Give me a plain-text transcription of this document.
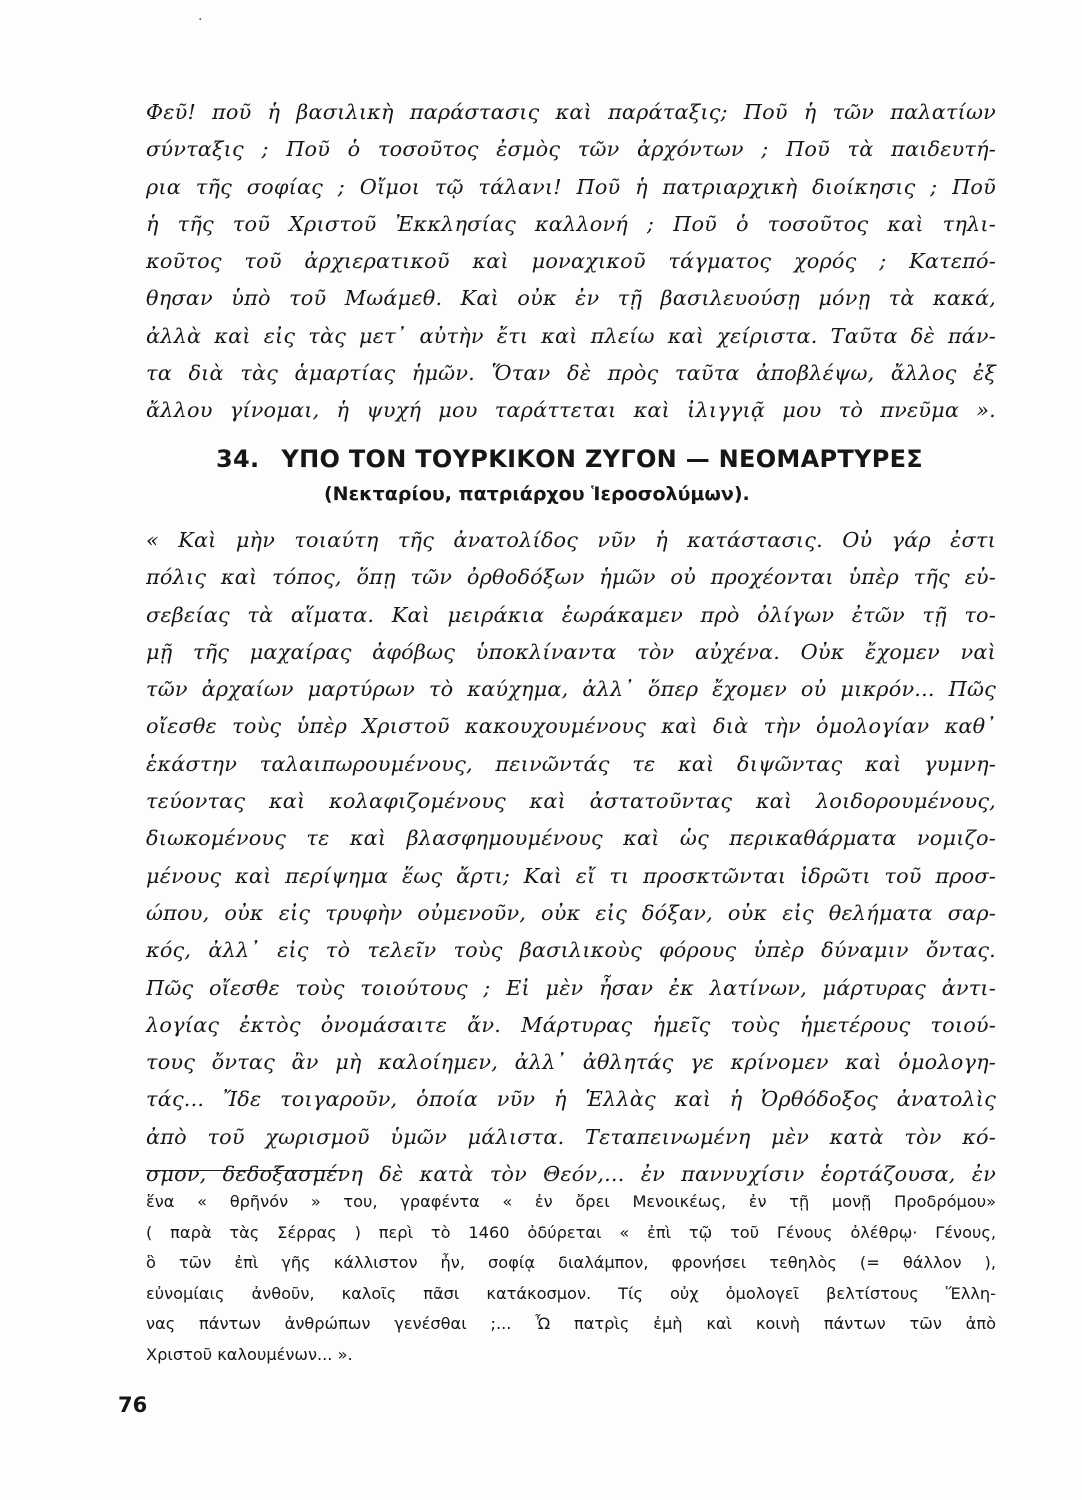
.
Φεῦ! ποῦ ἡ βασιλικὴ παράστασις καὶ παράταξις; Ποῦ ἡ τῶν παλατίων
σύνταξις ; Ποῦ ὁ τοσοῦτος ἐσμὸς τῶν ἀρχόντων ; Ποῦ τὰ παιδευτή-
ρια τῆς σοφίας ; Οἴμοι τῷ τάλανι! Ποῦ ἡ πατριαρχικὴ διοίκησις ; Ποῦ
ἡ τῆς τοῦ Χριστοῦ Ἐκκλησίας καλλονή ; Ποῦ ὁ τοσοῦτος καὶ τηλι-
κοῦτος τοῦ ἀρχιερατικοῦ καὶ μοναχικοῦ τάγματος χορός ; Κατεπό-
θησαν ὑπὸ τοῦ Μωάμεθ. Καὶ οὐκ ἐν τῇ βασιλευούσῃ μόνῃ τὰ κακά,
ἀλλὰ καὶ εἰς τὰς μετ᾿ αὐτὴν ἔτι καὶ πλείω καὶ χείριστα. Ταῦτα δὲ πάν-
τα διὰ τὰς ἁμαρτίας ἡμῶν. Ὅταν δὲ πρὸς ταῦτα ἀποβλέψω, ἄλλος ἐξ
ἄλλου γίνομαι, ἡ ψυχή μου ταράττεται καὶ ἰλιγγιᾷ μου τὸ πνεῦμα ».
34. ΥΠΟ ΤΟΝ ΤΟΥΡΚΙΚΟΝ ΖΥΓΟΝ — ΝΕΟΜΑΡΤΥΡΕΣ
(Νεκταρίου, πατριάρχου Ἱεροσολύμων).
« Καὶ μὴν τοιαύτη τῆς ἀνατολίδος νῦν ἡ κατάστασις. Οὐ γάρ ἐστι
πόλις καὶ τόπος, ὅπῃ τῶν ὀρθοδόξων ἡμῶν οὐ προχέονται ὑπὲρ τῆς εὐ-
σεβείας τὰ αἵματα. Καὶ μειράκια ἑωράκαμεν πρὸ ὀλίγων ἐτῶν τῇ το-
μῇ τῆς μαχαίρας ἀφόβως ὑποκλίναντα τὸν αὐχένα. Οὐκ ἔχομεν ναὶ
τῶν ἀρχαίων μαρτύρων τὸ καύχημα, ἀλλ᾿ ὅπερ ἔχομεν οὐ μικρόν... Πῶς
οἴεσθε τοὺς ὑπὲρ Χριστοῦ κακουχουμένους καὶ διὰ τὴν ὁμολογίαν καθ᾿
ἑκάστην ταλαιπωρουμένους, πεινῶντάς τε καὶ διψῶντας καὶ γυμνη-
τεύοντας καὶ κολαφιζομένους καὶ ἀστατοῦντας καὶ λοιδορουμένους,
διωκομένους τε καὶ βλασφημουμένους καὶ ὡς περικαθάρματα νομιζο-
μένους καὶ περίψημα ἕως ἄρτι; Καὶ εἴ τι προσκτῶνται ἱδρῶτι τοῦ προσ-
ώπου, οὐκ εἰς τρυφὴν οὐμενοῦν, οὐκ εἰς δόξαν, οὐκ εἰς θελήματα σαρ-
κός, ἀλλ᾿ εἰς τὸ τελεῖν τοὺς βασιλικοὺς φόρους ὑπὲρ δύναμιν ὄντας.
Πῶς οἴεσθε τοὺς τοιούτους ; Εἰ μὲν ἦσαν ἐκ λατίνων, μάρτυρας ἀντι-
λογίας ἐκτὸς ὀνομάσαιτε ἄν. Μάρτυρας ἡμεῖς τοὺς ἡμετέρους τοιού-
τους ὄντας ἂν μὴ καλοίημεν, ἀλλ᾿ ἀθλητάς γε κρίνομεν καὶ ὁμολογη-
τάς... Ἴδε τοιγαροῦν, ὁποία νῦν ἡ Ἑλλὰς καὶ ἡ Ὀρθόδοξος ἀνατολὶς
ἀπὸ τοῦ χωρισμοῦ ὑμῶν μάλιστα. Τεταπεινωμένη μὲν κατὰ τὸν κό-
σμον, δεδοξασμένη δὲ κατὰ τὸν Θεόν,... ἐν παννυχίσιν ἑορτάζουσα, ἐν
ἕνα « θρῆνόν » του, γραφέντα « ἐν ὄρει Μενοικέως, ἐν τῇ μονῇ Προδρόμου»
( παρὰ τὰς Σέρρας ) περὶ τὸ 1460 ὀδύρεται « ἐπὶ τῷ τοῦ Γένους ὀλέθρῳ· Γένους,
ὃ τῶν ἐπὶ γῆς κάλλιστον ἦν, σοφίᾳ διαλάμπον, φρονήσει τεθηλὸς (= θάλλον ),
εὐνομίαις ἀνθοῦν, καλοῖς πᾶσι κατάκοσμον. Τίς οὐχ ὁμολογεῖ βελτίστους Ἕλλη-
νας πάντων ἀνθρώπων γενέσθαι ;... Ὦ πατρὶς ἐμὴ καὶ κοινὴ πάντων τῶν ἀπὸ
Χριστοῦ καλουμένων... ».
76
